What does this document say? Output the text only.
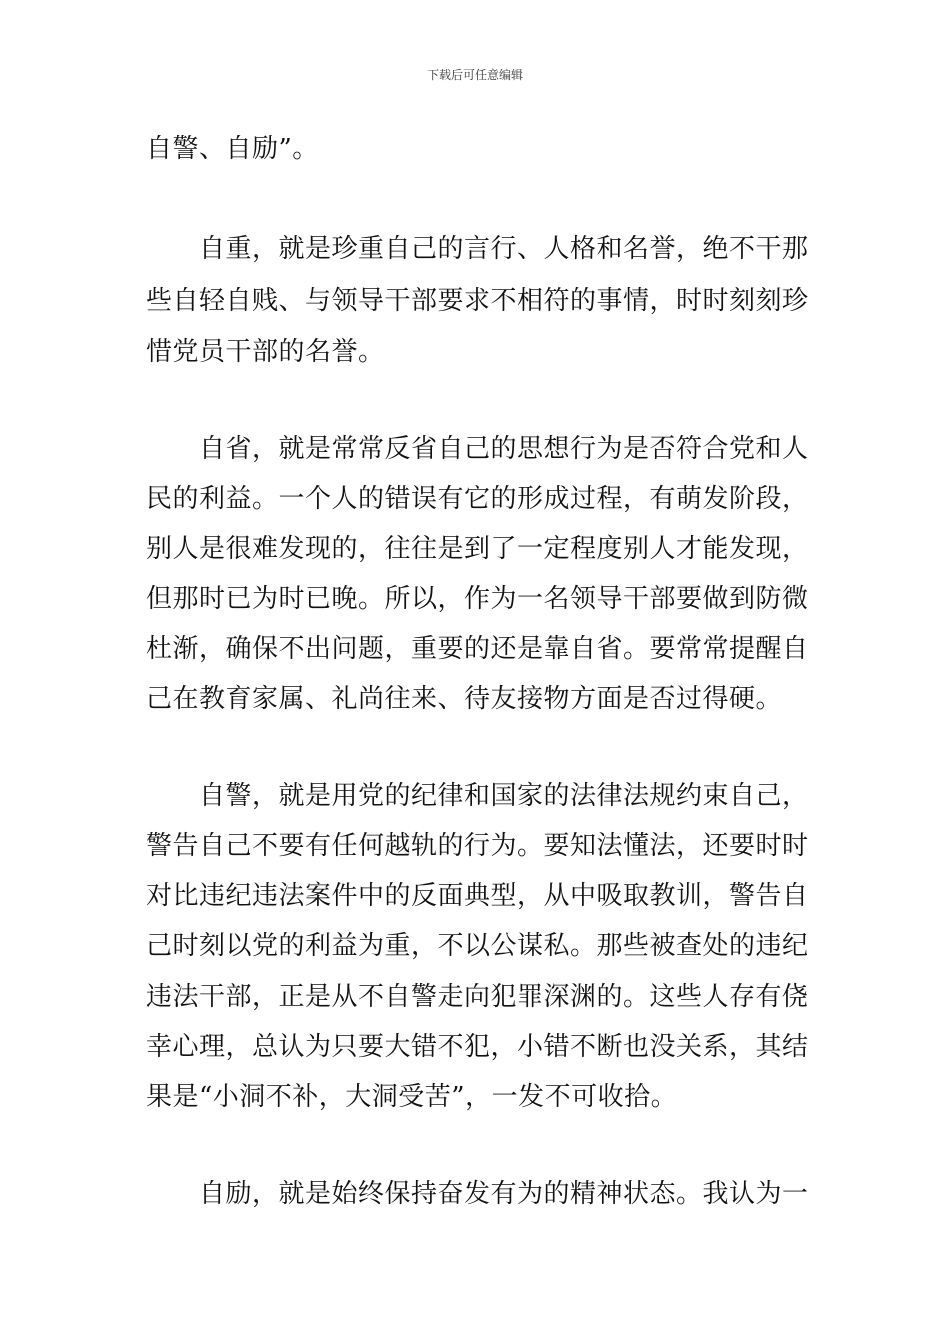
下载后可任意编辑
自警、自励”。
　　自重，就是珍重自己的言行、人格和名誉，绝不干那
些自轻自贱、与领导干部要求不相符的事情，时时刻刻珍
惜党员干部的名誉。
　　自省，就是常常反省自己的思想行为是否符合党和人
民的利益。一个人的错误有它的形成过程，有萌发阶段，
别人是很难发现的，往往是到了一定程度别人才能发现，
但那时已为时已晚。所以，作为一名领导干部要做到防微
杜渐，确保不出问题，重要的还是靠自省。要常常提醒自
己在教育家属、礼尚往来、待友接物方面是否过得硬。
　　自警，就是用党的纪律和国家的法律法规约束自己，
警告自己不要有任何越轨的行为。要知法懂法，还要时时
对比违纪违法案件中的反面典型，从中吸取教训，警告自
己时刻以党的利益为重，不以公谋私。那些被查处的违纪
违法干部，正是从不自警走向犯罪深渊的。这些人存有侥
幸心理，总认为只要大错不犯，小错不断也没关系，其结
果是“小洞不补，大洞受苦”，一发不可收拾。
　　自励，就是始终保持奋发有为的精神状态。我认为一
